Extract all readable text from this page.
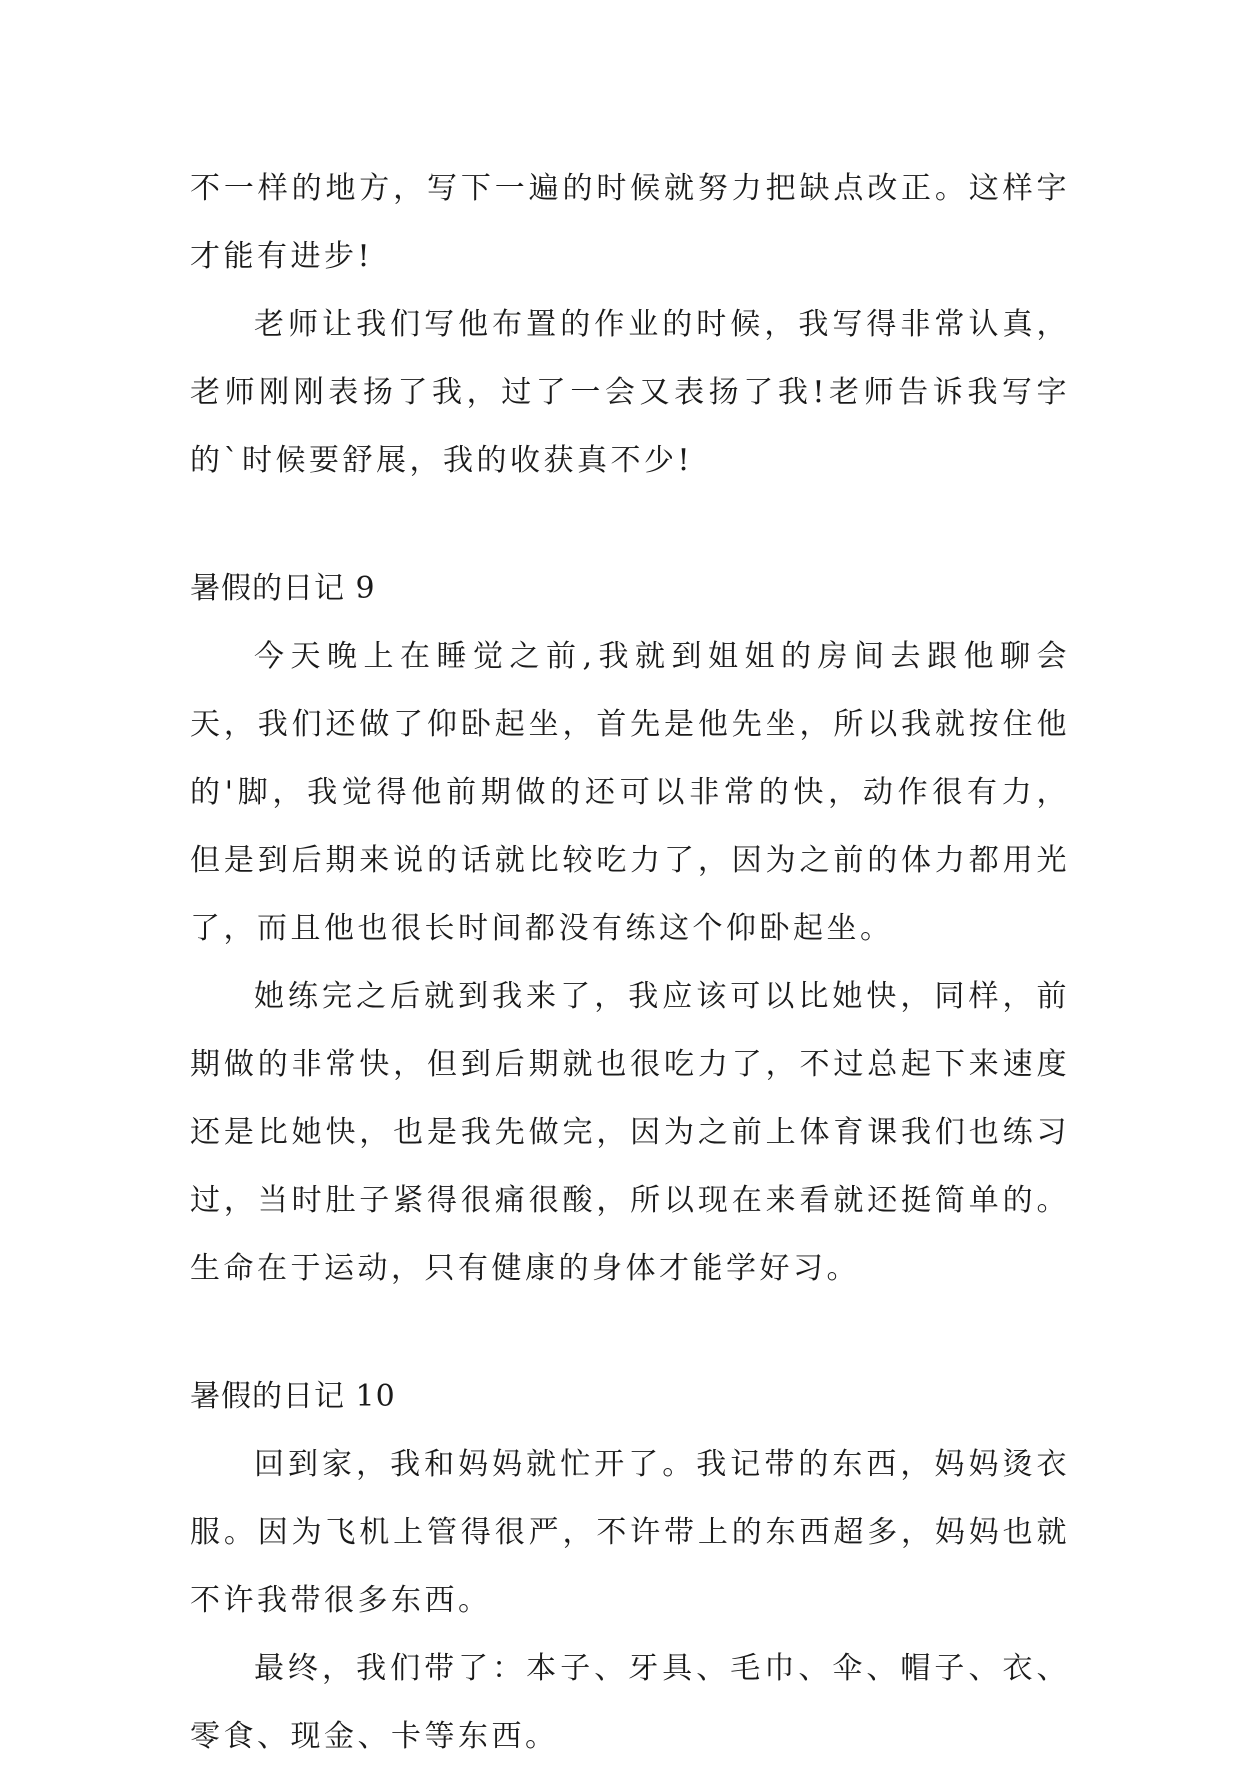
不一样的地方，写下一遍的时候就努力把缺点改正。这样字才能有进步!

老师让我们写他布置的作业的时候，我写得非常认真，老师刚刚表扬了我，过了一会又表扬了我!老师告诉我写字的`时候要舒展，我的收获真不少!

暑假的日记 9

今天晚上在睡觉之前,我就到姐姐的房间去跟他聊会天，我们还做了仰卧起坐，首先是他先坐，所以我就按住他的'脚，我觉得他前期做的还可以非常的快，动作很有力，但是到后期来说的话就比较吃力了，因为之前的体力都用光了，而且他也很长时间都没有练这个仰卧起坐。

她练完之后就到我来了，我应该可以比她快，同样，前期做的非常快，但到后期就也很吃力了，不过总起下来速度还是比她快，也是我先做完，因为之前上体育课我们也练习过，当时肚子紧得很痛很酸，所以现在来看就还挺简单的。生命在于运动，只有健康的身体才能学好习。

暑假的日记 10

回到家，我和妈妈就忙开了。我记带的东西，妈妈烫衣服。因为飞机上管得很严，不许带上的东西超多，妈妈也就不许我带很多东西。

最终，我们带了：本子、牙具、毛巾、伞、帽子、衣、零食、现金、卡等东西。
